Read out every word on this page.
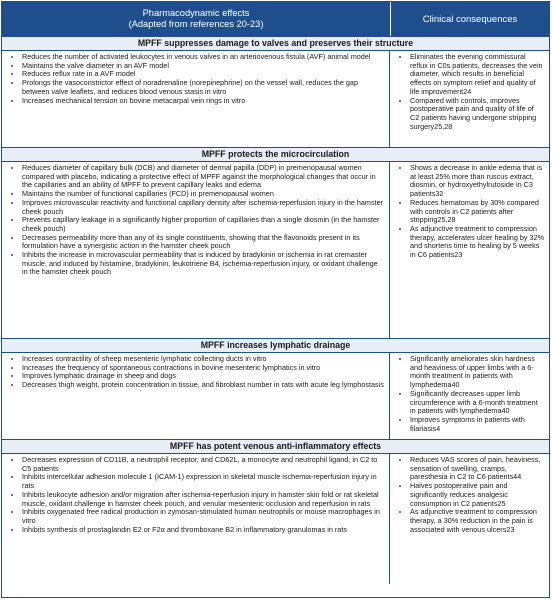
Pharmacodynamic effects
(Adapted from references 20-23)	Clinical consequences
MPFF suppresses damage to valves and preserves their structure
• Reduces the number of activated leukocytes in venous valves in an arteriovenous fistula (AVF) animal model
• Maintains the valve diameter in an AVF model
• Reduces reflux rate in a AVF model
• Prolongs the vasoconstrictor effect of noradrenaline (norepinephrine) on the vessel wall, reduces the gap between valve leaflets, and reduces blood venous stasis in vitro
• Increases mechanical tension on bovine metacarpal vein rings in vitro
• Eliminates the evening commissural reflux in C0s patients, decreases the vein diameter, which results in beneficial effects on symptom relief and quality of life improvement24
• Compared with controls, improves postoperative pain and quality of life of C2 patients having undergone stripping surgery25,28
MPFF protects the microcirculation
• Reduces diameter of capillary bulk (DCB) and diameter of dermal papilla (DDP) in premenopausal women compared with placebo, indicating a protective effect of MPFF against the morphological changes that occur in the capillaries and an ability of MPFF to prevent capillary leaks and edema
• Maintains the number of functional capillaries (FCD) in premenopausal women
• Improves microvascular reactivity and functional capillary density after ischemia-reperfusion injury in the hamster cheek pouch
• Prevents capillary leakage in a significantly higher proportion of capillaries than a single diosmin (in the hamster cheek pouch)
• Decreases permeability more than any of its single constituents, showing that the flavonoids present in its formulation have a synergistic action in the hamster cheek pouch
• Inhibits the increase in microvascular permeability that is induced by bradykinin or ischemia in rat cremaster muscle, and induced by histamine, bradykinin, leukotriene B4, ischemia-reperfusion injury, or oxidant challenge in the hamster cheek pouch
• Shows a decrease in ankle edema that is at least 25% more than ruscus extract, diosmin, or hydroxyethylrutoside in C3 patients32
• Reduces hematomas by 30% compared with controls in C2 patients after stripping25,28
• As adjunctive treatment to compression therapy, accelerates ulcer healing by 32% and shortens time to healing by 5 weeks in C6 patients23
MPFF increases lymphatic drainage
• Increases contractility of sheep mesenteric lymphatic collecting ducts in vitro
• Increases the frequency of spontaneous contractions in bovine mesenteric lymphatics in vitro
• Improves lymphatic drainage in sheep and dogs
• Decreases thigh weight, protein concentration in tissue, and fibroblast number in rats with acute leg lymphostasis
• Significantly ameliorates skin hardness and heaviness of upper limbs with a 6-month treatment in patients with lymphedema40
• Significantly decreases upper limb circumference with a 6-month treatment in patients with lymphedema40
• Improves symptoms in patients with filariasis4
MPFF has potent venous anti-inflammatory effects
• Decreases expression of CD11B, a neutrophil receptor, and CD62L, a monocyte and neutrophil ligand, in C2 to C5 patients
• Inhibits intercellular adhesion molecule 1 (ICAM-1) expression in skeletal muscle ischemia-reperfusion injury in rats
• Inhibits leukocyte adhesion and/or migration after ischemia-reperfusion injury in hamster skin fold or rat skeletal muscle, oxidant challenge in hamster cheek pouch, and venular mesenteric occlusion and reperfusion in rats
• Inhibits oxygenated free radical production in zymosan-stimulated human neutrophils or mouse macrophages in vitro
• Inhibits synthesis of prostaglandin E2 or F2α and thromboxane B2 in inflammatory granulomas in rats
• Reduces VAS scores of pain, heaviness, sensation of swelling, cramps, paresthesia in C2 to C6 patients44
• Halves postoperative pain and significantly reduces analgesic consumption in C2 patients25
• As adjunctive treatment to compression therapy, a 30% reduction in the pain is associated with venous ulcers23
